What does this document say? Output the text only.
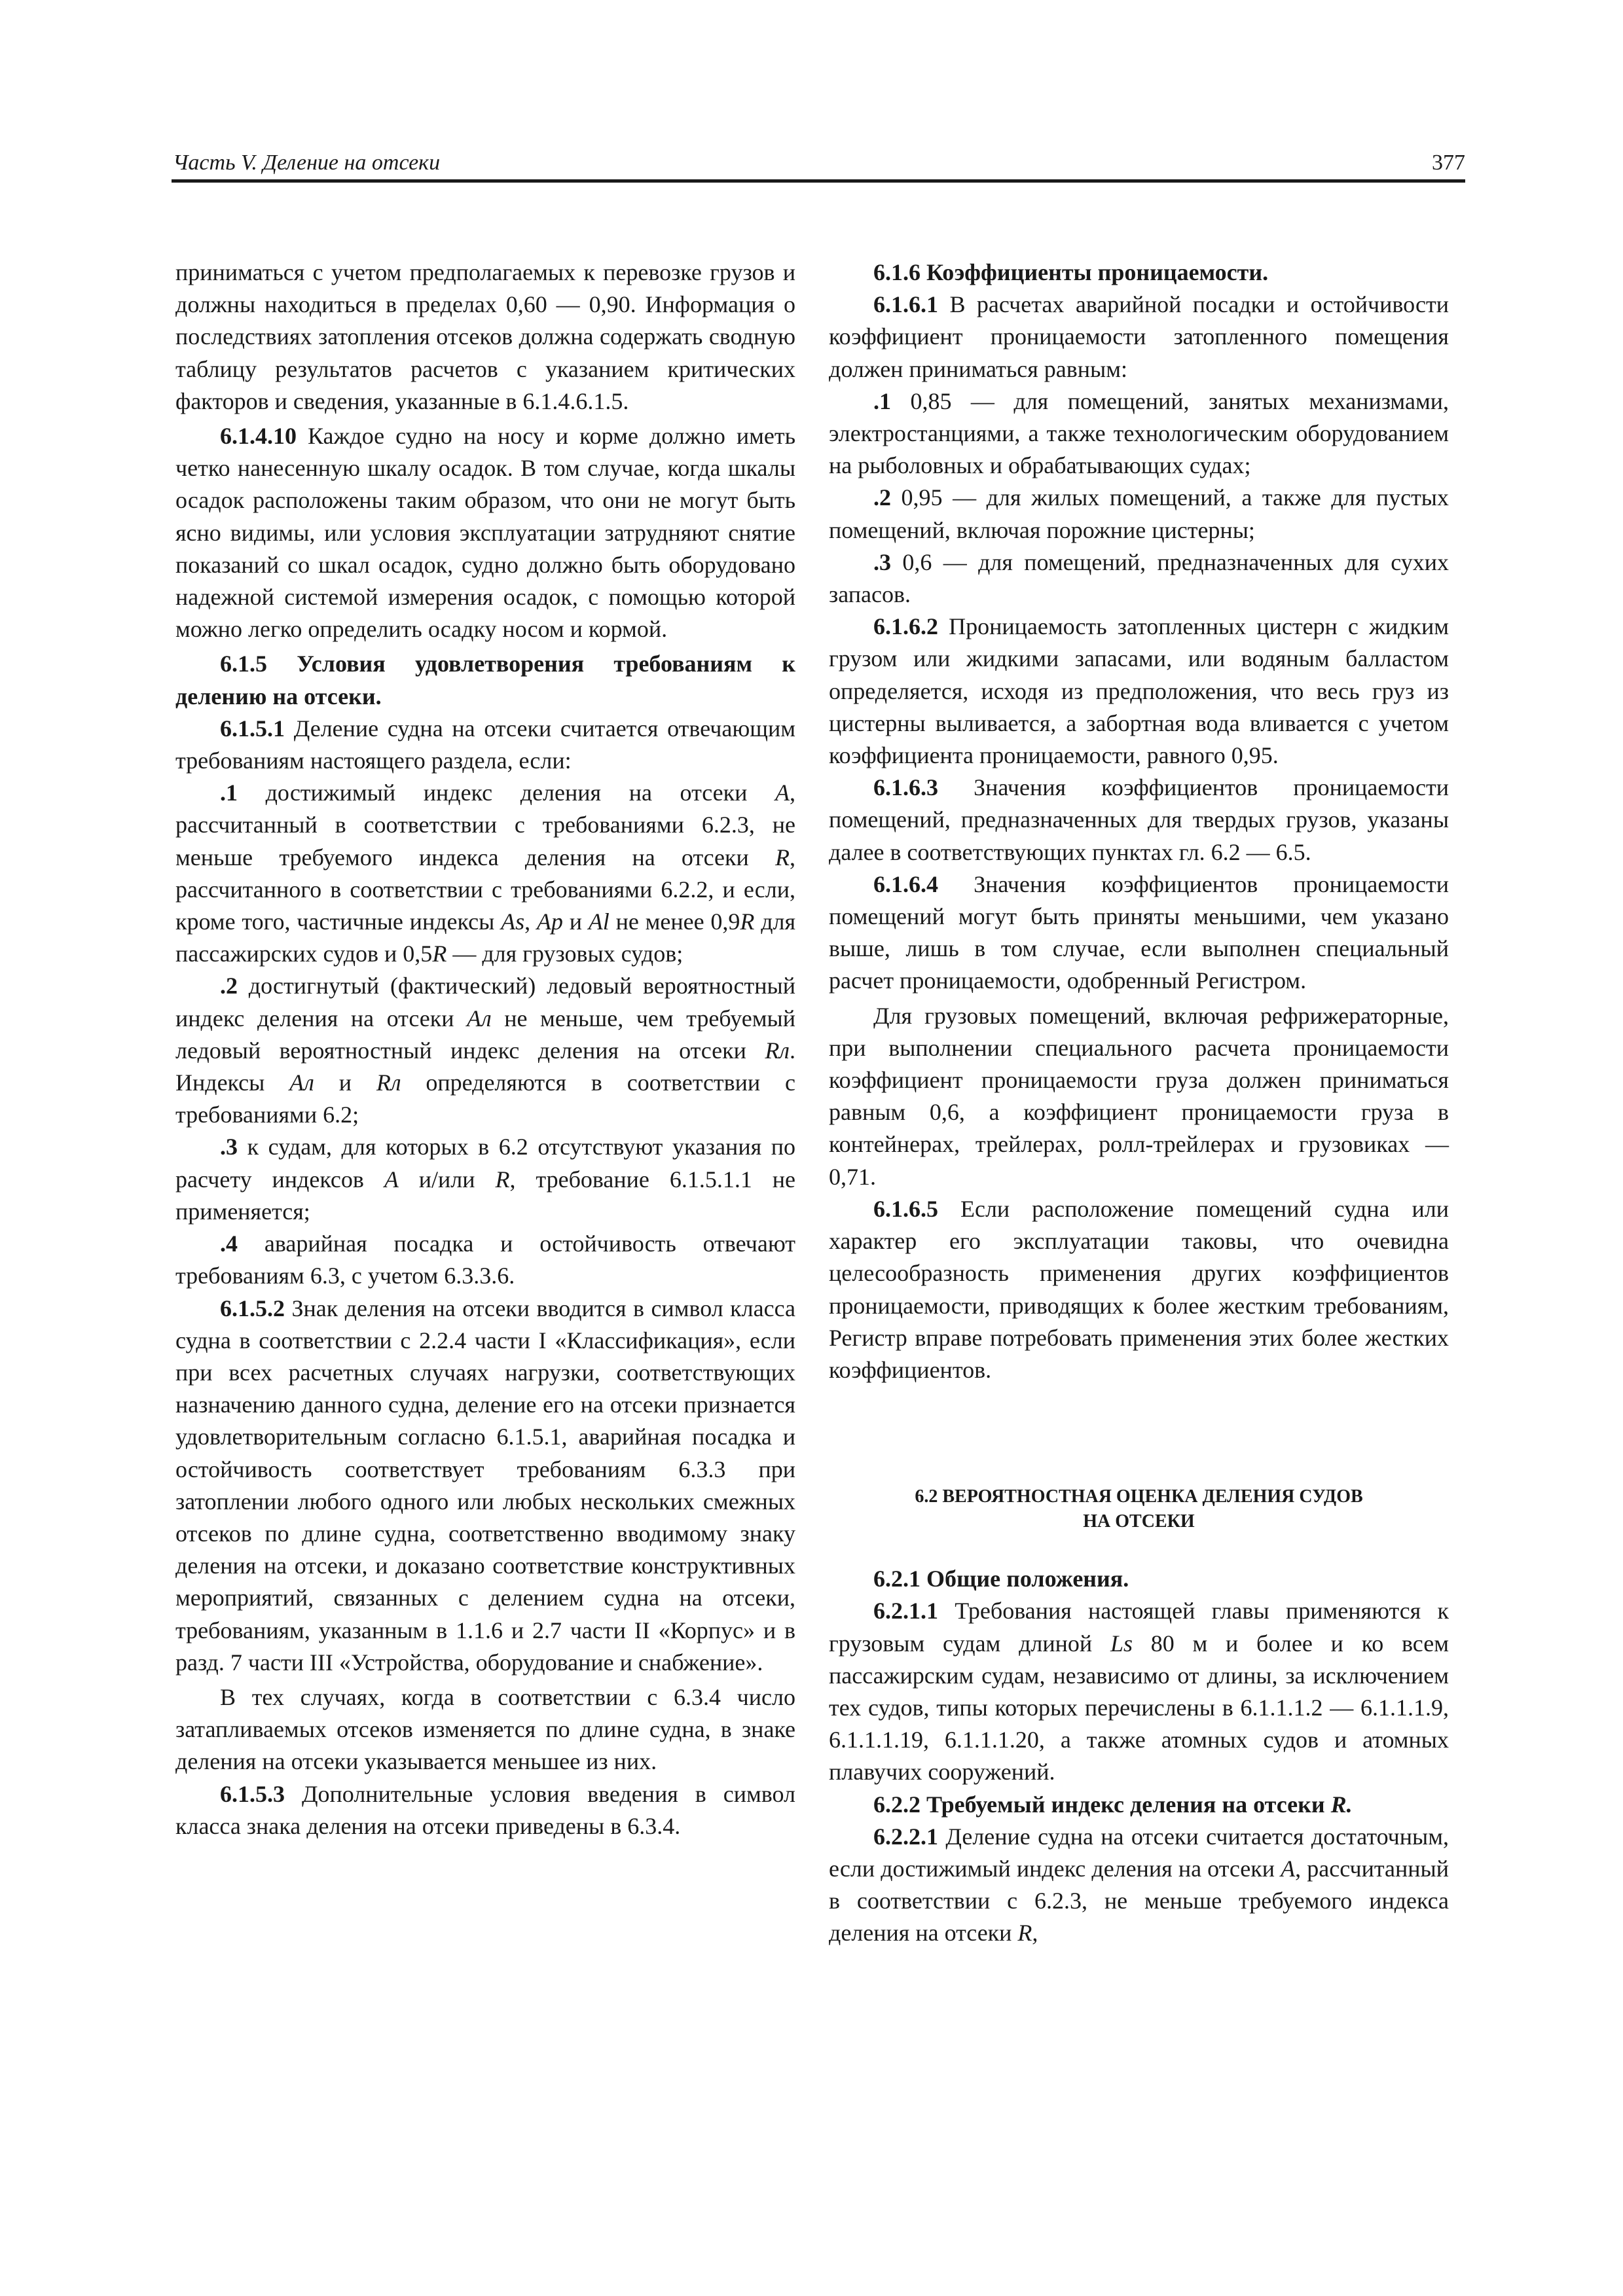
Часть V. Деление на отсеки	377

приниматься с учетом предполагаемых к перевозке грузов и должны находиться в пределах 0,60 — 0,90. Информация о последствиях затопления отсеков должна содержать сводную таблицу результатов расчетов с указанием критических факторов и сведения, указанные в 6.1.4.6.1.5.

6.1.4.10 Каждое судно на носу и корме должно иметь четко нанесенную шкалу осадок. В том случае, когда шкалы осадок расположены таким образом, что они не могут быть ясно видимы, или условия эксплуатации затрудняют снятие показаний со шкал осадок, судно должно быть оборудовано надежной системой измерения осадок, с помощью которой можно легко определить осадку носом и кормой.

6.1.5 Условия удовлетворения требованиям к делению на отсеки.

6.1.5.1 Деление судна на отсеки считается отвечающим требованиям настоящего раздела, если:

.1 достижимый индекс деления на отсеки A, рассчитанный в соответствии с требованиями 6.2.3, не меньше требуемого индекса деления на отсеки R, рассчитанного в соответствии с требованиями 6.2.2, и если, кроме того, частичные индексы As, Ap и Al не менее 0,9R для пассажирских судов и 0,5R — для грузовых судов;

.2 достигнутый (фактический) ледовый вероятностный индекс деления на отсеки Aл не меньше, чем требуемый ледовый вероятностный индекс деления на отсеки Rл. Индексы Aл и Rл определяются в соответствии с требованиями 6.2;

.3 к судам, для которых в 6.2 отсутствуют указания по расчету индексов A и/или R, требование 6.1.5.1.1 не применяется;

.4 аварийная посадка и остойчивость отвечают требованиям 6.3, с учетом 6.3.3.6.

6.1.5.2 Знак деления на отсеки вводится в символ класса судна в соответствии с 2.2.4 части I «Классификация», если при всех расчетных случаях нагрузки, соответствующих назначению данного судна, деление его на отсеки признается удовлетворительным согласно 6.1.5.1, аварийная посадка и остойчивость соответствует требованиям 6.3.3 при затоплении любого одного или любых нескольких смежных отсеков по длине судна, соответственно вводимому знаку деления на отсеки, и доказано соответствие конструктивных мероприятий, связанных с делением судна на отсеки, требованиям, указанным в 1.1.6 и 2.7 части II «Корпус» и в разд. 7 части III «Устройства, оборудование и снабжение».

В тех случаях, когда в соответствии с 6.3.4 число затапливаемых отсеков изменяется по длине судна, в знаке деления на отсеки указывается меньшее из них.

6.1.5.3 Дополнительные условия введения в символ класса знака деления на отсеки приведены в 6.3.4.

6.1.6 Коэффициенты проницаемости.

6.1.6.1 В расчетах аварийной посадки и остойчивости коэффициент проницаемости затопленного помещения должен приниматься равным:

.1 0,85 — для помещений, занятых механизмами, электростанциями, а также технологическим оборудованием на рыболовных и обрабатывающих судах;

.2 0,95 — для жилых помещений, а также для пустых помещений, включая порожние цистерны;

.3 0,6 — для помещений, предназначенных для сухих запасов.

6.1.6.2 Проницаемость затопленных цистерн с жидким грузом или жидкими запасами, или водяным балластом определяется, исходя из предположения, что весь груз из цистерны выливается, а забортная вода вливается с учетом коэффициента проницаемости, равного 0,95.

6.1.6.3 Значения коэффициентов проницаемости помещений, предназначенных для твердых грузов, указаны далее в соответствующих пунктах гл. 6.2 — 6.5.

6.1.6.4 Значения коэффициентов проницаемости помещений могут быть приняты меньшими, чем указано выше, лишь в том случае, если выполнен специальный расчет проницаемости, одобренный Регистром.

Для грузовых помещений, включая рефрижераторные, при выполнении специального расчета проницаемости коэффициент проницаемости груза должен приниматься равным 0,6, а коэффициент проницаемости груза в контейнерах, трейлерах, ролл-трейлерах и грузовиках — 0,71.

6.1.6.5 Если расположение помещений судна или характер его эксплуатации таковы, что очевидна целесообразность применения других коэффициентов проницаемости, приводящих к более жестким требованиям, Регистр вправе потребовать применения этих более жестких коэффициентов.

6.2 ВЕРОЯТНОСТНАЯ ОЦЕНКА ДЕЛЕНИЯ СУДОВ
НА ОТСЕКИ

6.2.1 Общие положения.

6.2.1.1 Требования настоящей главы применяются к грузовым судам длиной Ls 80 м и более и ко всем пассажирским судам, независимо от длины, за исключением тех судов, типы которых перечислены в 6.1.1.1.2 — 6.1.1.1.9, 6.1.1.1.19, 6.1.1.1.20, а также атомных судов и атомных плавучих сооружений.

6.2.2 Требуемый индекс деления на отсеки R.

6.2.2.1 Деление судна на отсеки считается достаточным, если достижимый индекс деления на отсеки A, рассчитанный в соответствии с 6.2.3, не меньше требуемого индекса деления на отсеки R,
